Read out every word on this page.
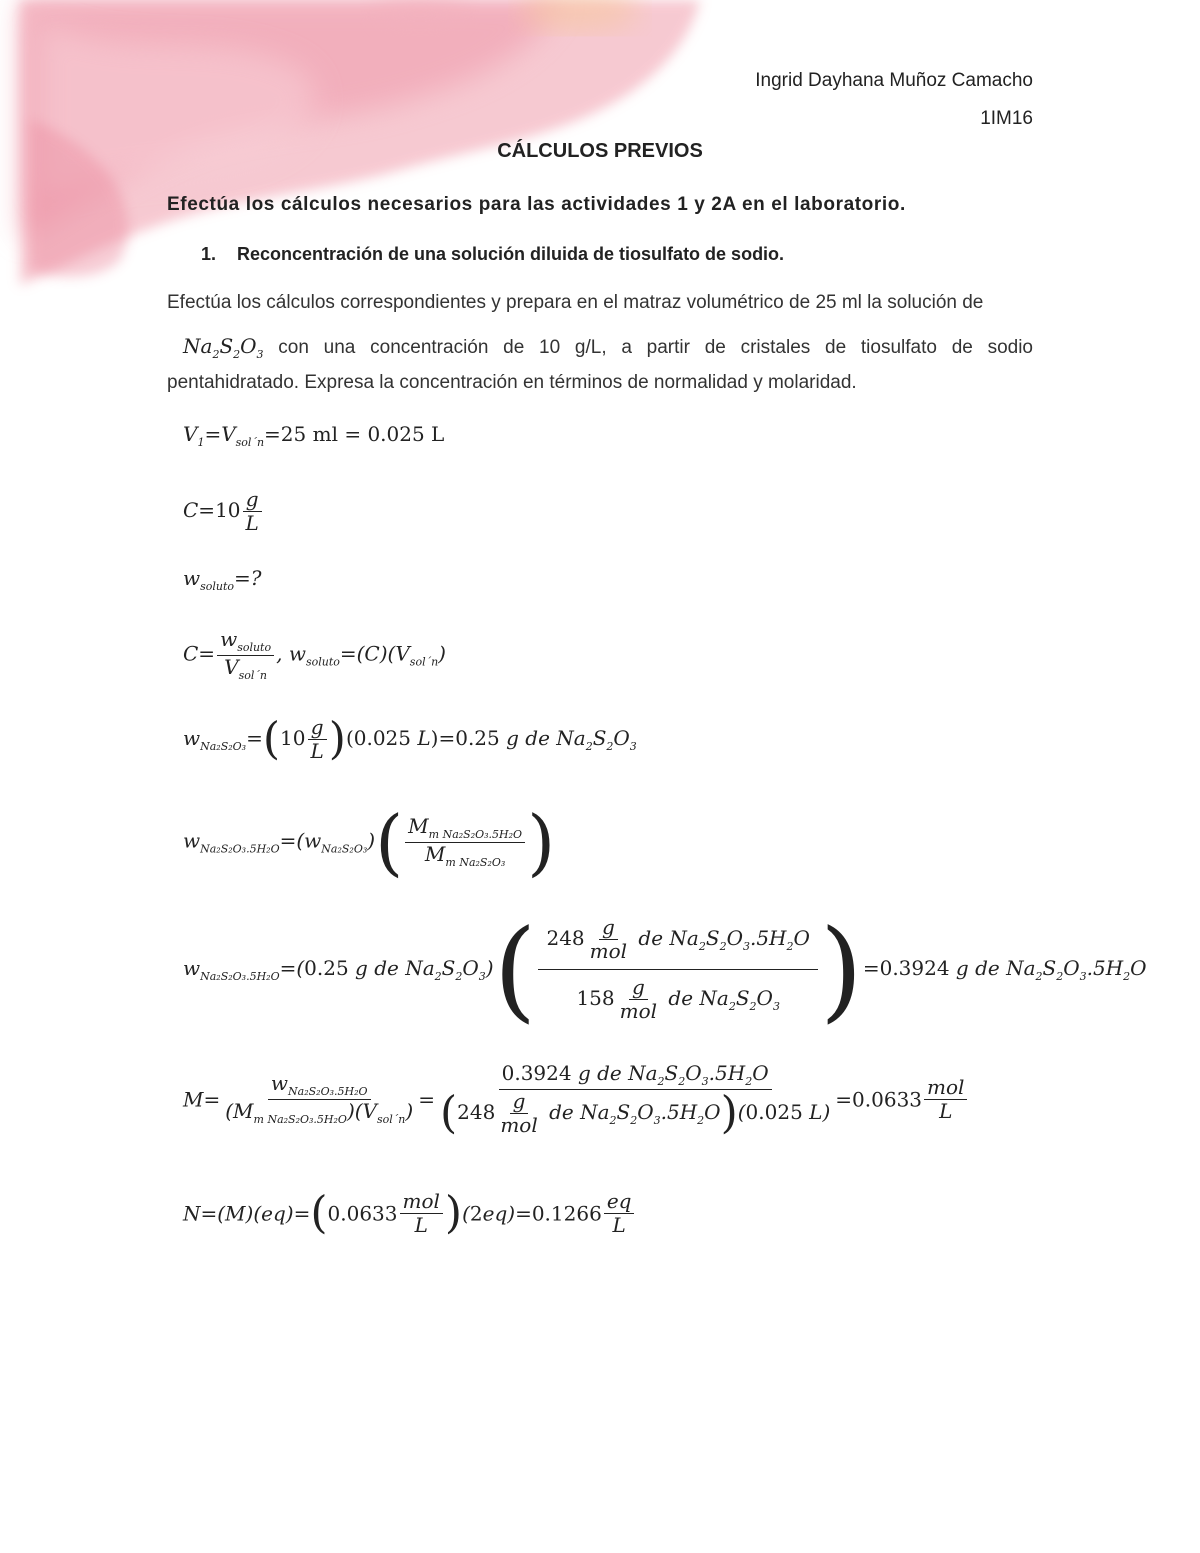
Ingrid Dayhana Muñoz Camacho
1IM16
CÁLCULOS PREVIOS
Efectúa los cálculos necesarios para las actividades 1 y 2A en el laboratorio.
1. Reconcentración de una solución diluida de tiosulfato de sodio.
Efectúa los cálculos correspondientes y prepara en el matraz volumétrico de 25 ml la solución de
$Na_2S_2O_3$ con una concentración de 10 g/L, a partir de cristales de tiosulfato de sodio
pentahidratado. Expresa la concentración en términos de normalidad y molaridad.
$V_1=V_{sol´n}=25$ ml = 0.025 L
$C=10 \frac{g}{L}$
$w_{soluto}=$?
$C= \frac{w_{soluto}}{V_{sol´n}}$ , $w_{soluto}=(C)(V_{sol´n})$
$w_{Na_2S_2O_3}=(10 \frac{g}{L} )(0.025$ L)=0.25 g de $Na_2S_2O_3$
$w_{Na_2S_2O_3.5H_2O}=(w_{Na_2S_2O_3})( \frac{M_{m Na_2S_2O_3.5H_2O}}{M_{m Na_2S_2O_3}}$ )
$w_{Na_2S_2O_3.5H_2O}=(0.25$ g de $Na_2S_2O_3)( \frac{248 \frac{g}{\text{mol}} de Na_2S_2O_3.5H_2O}{158 \frac{g}{\text{mol}} de Na_2S_2O_3} )=0.3924$ g de $Na_2S_2O_3.5H_2O$
$M= \frac{w_{Na_2S_2O_3.5H_2O}}{(M_{m Na_2S_2O_3.5H_2O})(V_{sol´n})} = \frac{0.3924 g de Na_2S_2O_3.5H_2O}{(248 \frac{g}{\text{mol}} de Na_2S_2O_3.5H_2O)(0.025 L)} =0.0633 \frac{\text{mol}}{L}$
$N=(M)(eq)=(0.0633 \frac{\text{mol}}{L} )(2eq)=0.1266 \frac{eq}{L}$
